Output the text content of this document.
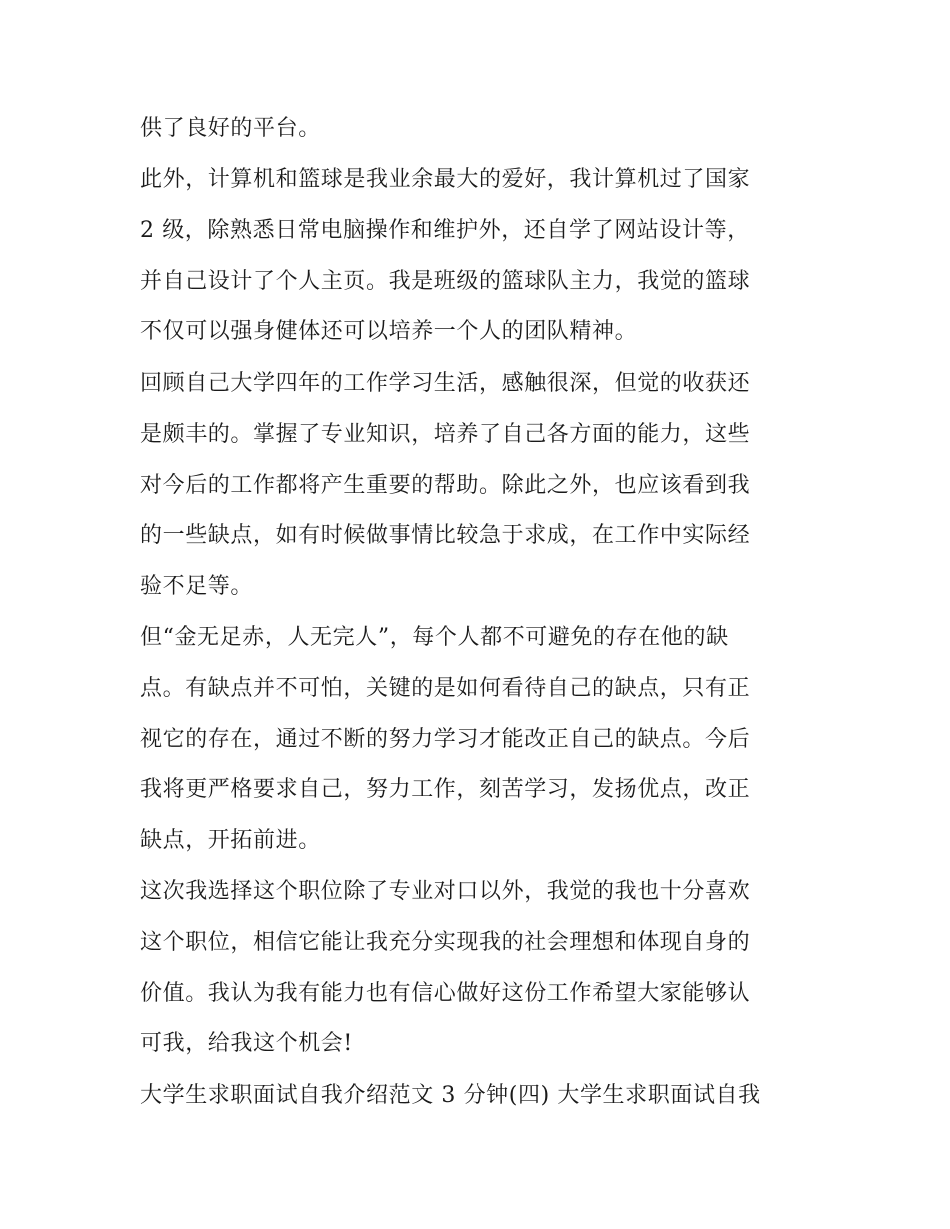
供了良好的平台。
此外，计算机和篮球是我业余最大的爱好，我计算机过了国家
2 级，除熟悉日常电脑操作和维护外，还自学了网站设计等，
并自己设计了个人主页。我是班级的篮球队主力，我觉的篮球
不仅可以强身健体还可以培养一个人的团队精神。
回顾自己大学四年的工作学习生活，感触很深，但觉的收获还
是颇丰的。掌握了专业知识，培养了自己各方面的能力，这些
对今后的工作都将产生重要的帮助。除此之外，也应该看到我
的一些缺点，如有时候做事情比较急于求成，在工作中实际经
验不足等。
但“金无足赤，人无完人”，每个人都不可避免的存在他的缺
点。有缺点并不可怕，关键的是如何看待自己的缺点，只有正
视它的存在，通过不断的努力学习才能改正自己的缺点。今后
我将更严格要求自己，努力工作，刻苦学习，发扬优点，改正
缺点，开拓前进。
这次我选择这个职位除了专业对口以外，我觉的我也十分喜欢
这个职位，相信它能让我充分实现我的社会理想和体现自身的
价值。我认为我有能力也有信心做好这份工作希望大家能够认
可我，给我这个机会!
大学生求职面试自我介绍范文 3 分钟(四) 大学生求职面试自我
